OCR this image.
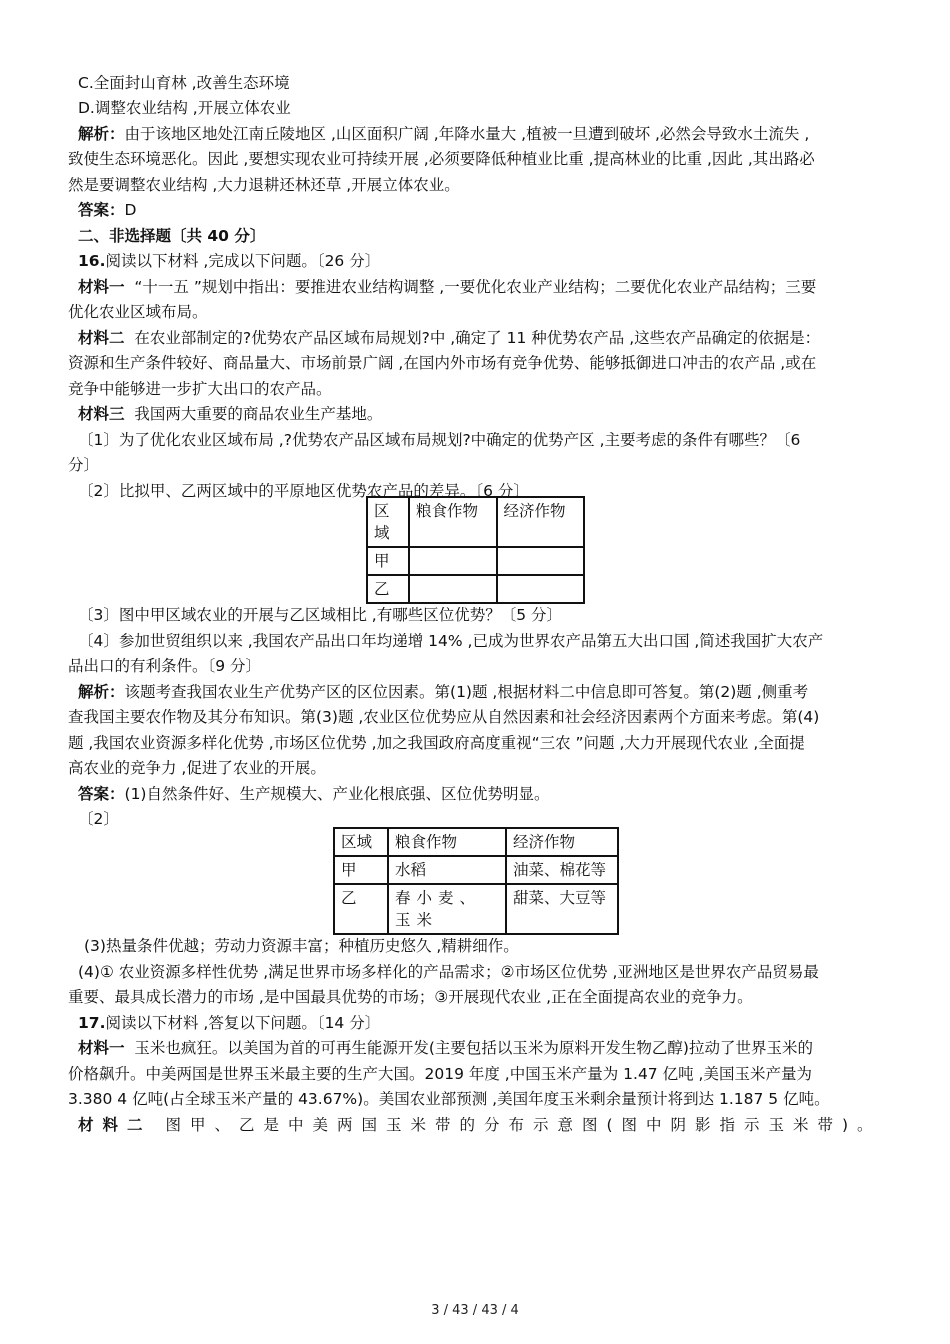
C.全面封山育林 ,改善生态环境
D.调整农业结构 ,开展立体农业
解析：由于该地区地处江南丘陵地区 ,山区面积广阔 ,年降水量大 ,植被一旦遭到破坏 ,必然会导致水土流失 ,
致使生态环境恶化。因此 ,要想实现农业可持续开展 ,必须要降低种植业比重 ,提高林业的比重 ,因此 ,其出路必
然是要调整农业结构 ,大力退耕还林还草 ,开展立体农业。
答案：D
二、非选择题〔共 40 分〕
16.阅读以下材料 ,完成以下问题。〔26 分〕
材料一 “十一五 ”规划中指出：要推进农业结构调整 ,一要优化农业产业结构；二要优化农业产品结构；三要
优化农业区域布局。
材料二 在农业部制定的?优势农产品区域布局规划?中 ,确定了 11 种优势农产品 ,这些农产品确定的依据是：
资源和生产条件较好、商品量大、市场前景广阔 ,在国内外市场有竞争优势、能够抵御进口冲击的农产品 ,或在
竞争中能够进一步扩大出口的农产品。
材料三 我国两大重要的商品农业生产基地。
〔1〕为了优化农业区域布局 ,?优势农产品区域布局规划?中确定的优势产区 ,主要考虑的条件有哪些？〔6
分〕
〔2〕比拟甲、乙两区域中的平原地区优势农产品的差异。〔6 分〕
区域	粮食作物	经济作物
甲		
乙		
〔3〕图中甲区域农业的开展与乙区域相比 ,有哪些区位优势？〔5 分〕
〔4〕参加世贸组织以来 ,我国农产品出口年均递增 14% ,已成为世界农产品第五大出口国 ,简述我国扩大农产
品出口的有利条件。〔9 分〕
解析：该题考查我国农业生产优势产区的区位因素。第(1)题 ,根据材料二中信息即可答复。第(2)题 ,侧重考
查我国主要农作物及其分布知识。第(3)题 ,农业区位优势应从自然因素和社会经济因素两个方面来考虑。第(4)
题 ,我国农业资源多样化优势 ,市场区位优势 ,加之我国政府高度重视“三农 ”问题 ,大力开展现代农业 ,全面提
高农业的竞争力 ,促进了农业的开展。
答案：(1)自然条件好、生产规模大、产业化根底强、区位优势明显。
〔2〕
区域	粮食作物	经济作物
甲	水稻	油菜、棉花等
乙	春小麦、玉米	甜菜、大豆等
(3)热量条件优越；劳动力资源丰富；种植历史悠久 ,精耕细作。
(4)① 农业资源多样性优势 ,满足世界市场多样化的产品需求；②市场区位优势 ,亚洲地区是世界农产品贸易最
重要、最具成长潜力的市场 ,是中国最具优势的市场；③开展现代农业 ,正在全面提高农业的竞争力。
17.阅读以下材料 ,答复以下问题。〔14 分〕
材料一 玉米也疯狂。以美国为首的可再生能源开发(主要包括以玉米为原料开发生物乙醇)拉动了世界玉米的
价格飙升。中美两国是世界玉米最主要的生产大国。2019 年度 ,中国玉米产量为 1.47 亿吨 ,美国玉米产量为
3.380 4 亿吨(占全球玉米产量的 43.67%)。美国农业部预测 ,美国年度玉米剩余量预计将到达 1.187 5 亿吨。
材料二 图甲、乙是中美两国玉米带的分布示意图(图中阴影指示玉米带)。
3 / 43 / 43 / 4
